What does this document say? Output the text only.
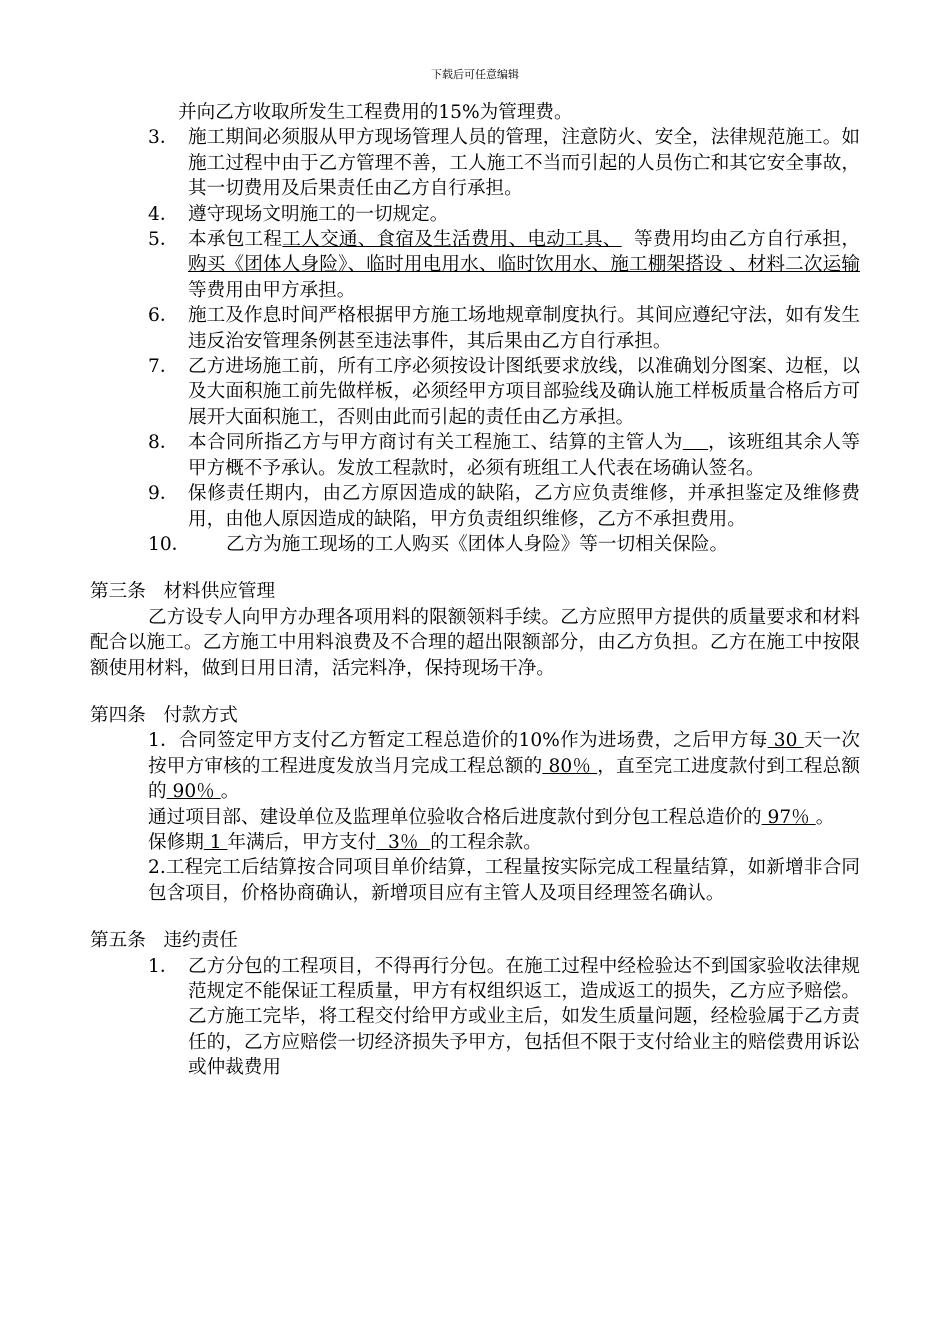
下载后可任意编辑

并向乙方收取所发生工程费用的15%为管理费。

3． 施工期间必须服从甲方现场管理人员的管理，注意防火、安全，法律规范施工。如施工过程中由于乙方管理不善，工人施工不当而引起的人员伤亡和其它安全事故，其一切费用及后果责任由乙方自行承担。
4． 遵守现场文明施工的一切规定。
5． 本承包工程工人交通、食宿及生活费用、电动工具、  等费用均由乙方自行承担，购买《团体人身险》、临时用电用水、临时饮用水、施工棚架搭设 、材料二次运输等费用由甲方承担。
6． 施工及作息时间严格根据甲方施工场地规章制度执行。其间应遵纪守法，如有发生违反治安管理条例甚至违法事件，其后果由乙方自行承担。
7． 乙方进场施工前，所有工序必须按设计图纸要求放线，以准确划分图案、边框，以及大面积施工前先做样板，必须经甲方项目部验线及确认施工样板质量合格后方可展开大面积施工，否则由此而引起的责任由乙方承担。
8． 本合同所指乙方与甲方商讨有关工程施工、结算的主管人为 ，该班组其余人等甲方概不予承认。发放工程款时，必须有班组工人代表在场确认签名。
9． 保修责任期内，由乙方原因造成的缺陷，乙方应负责维修，并承担鉴定及维修费用，由他人原因造成的缺陷，甲方负责组织维修，乙方不承担费用。
10．	乙方为施工现场的工人购买《团体人身险》等一切相关保险。

第三条   材料供应管理

乙方设专人向甲方办理各项用料的限额领料手续。乙方应照甲方提供的质量要求和材料配合以施工。乙方施工中用料浪费及不合理的超出限额部分，由乙方负担。乙方在施工中按限额使用材料，做到日用日清，活完料净，保持现场干净。

第四条   付款方式

1．合同签定甲方支付乙方暂定工程总造价的10%作为进场费，之后甲方每 30 天一次按甲方审核的工程进度发放当月完成工程总额的 80％ ，直至完工进度款付到工程总额的 90％ 。

通过项目部、建设单位及监理单位验收合格后进度款付到分包工程总造价的 97％ 。

保修期 1 年满后，甲方支付  3％  的工程余款。

2.工程完工后结算按合同项目单价结算，工程量按实际完成工程量结算，如新增非合同包含项目，价格协商确认，新增项目应有主管人及项目经理签名确认。

第五条   违约责任

1． 乙方分包的工程项目，不得再行分包。在施工过程中经检验达不到国家验收法律规范规定不能保证工程质量，甲方有权组织返工，造成返工的损失，乙方应予赔偿。乙方施工完毕，将工程交付给甲方或业主后，如发生质量问题，经检验属于乙方责任的，乙方应赔偿一切经济损失予甲方，包括但不限于支付给业主的赔偿费用诉讼或仲裁费用
